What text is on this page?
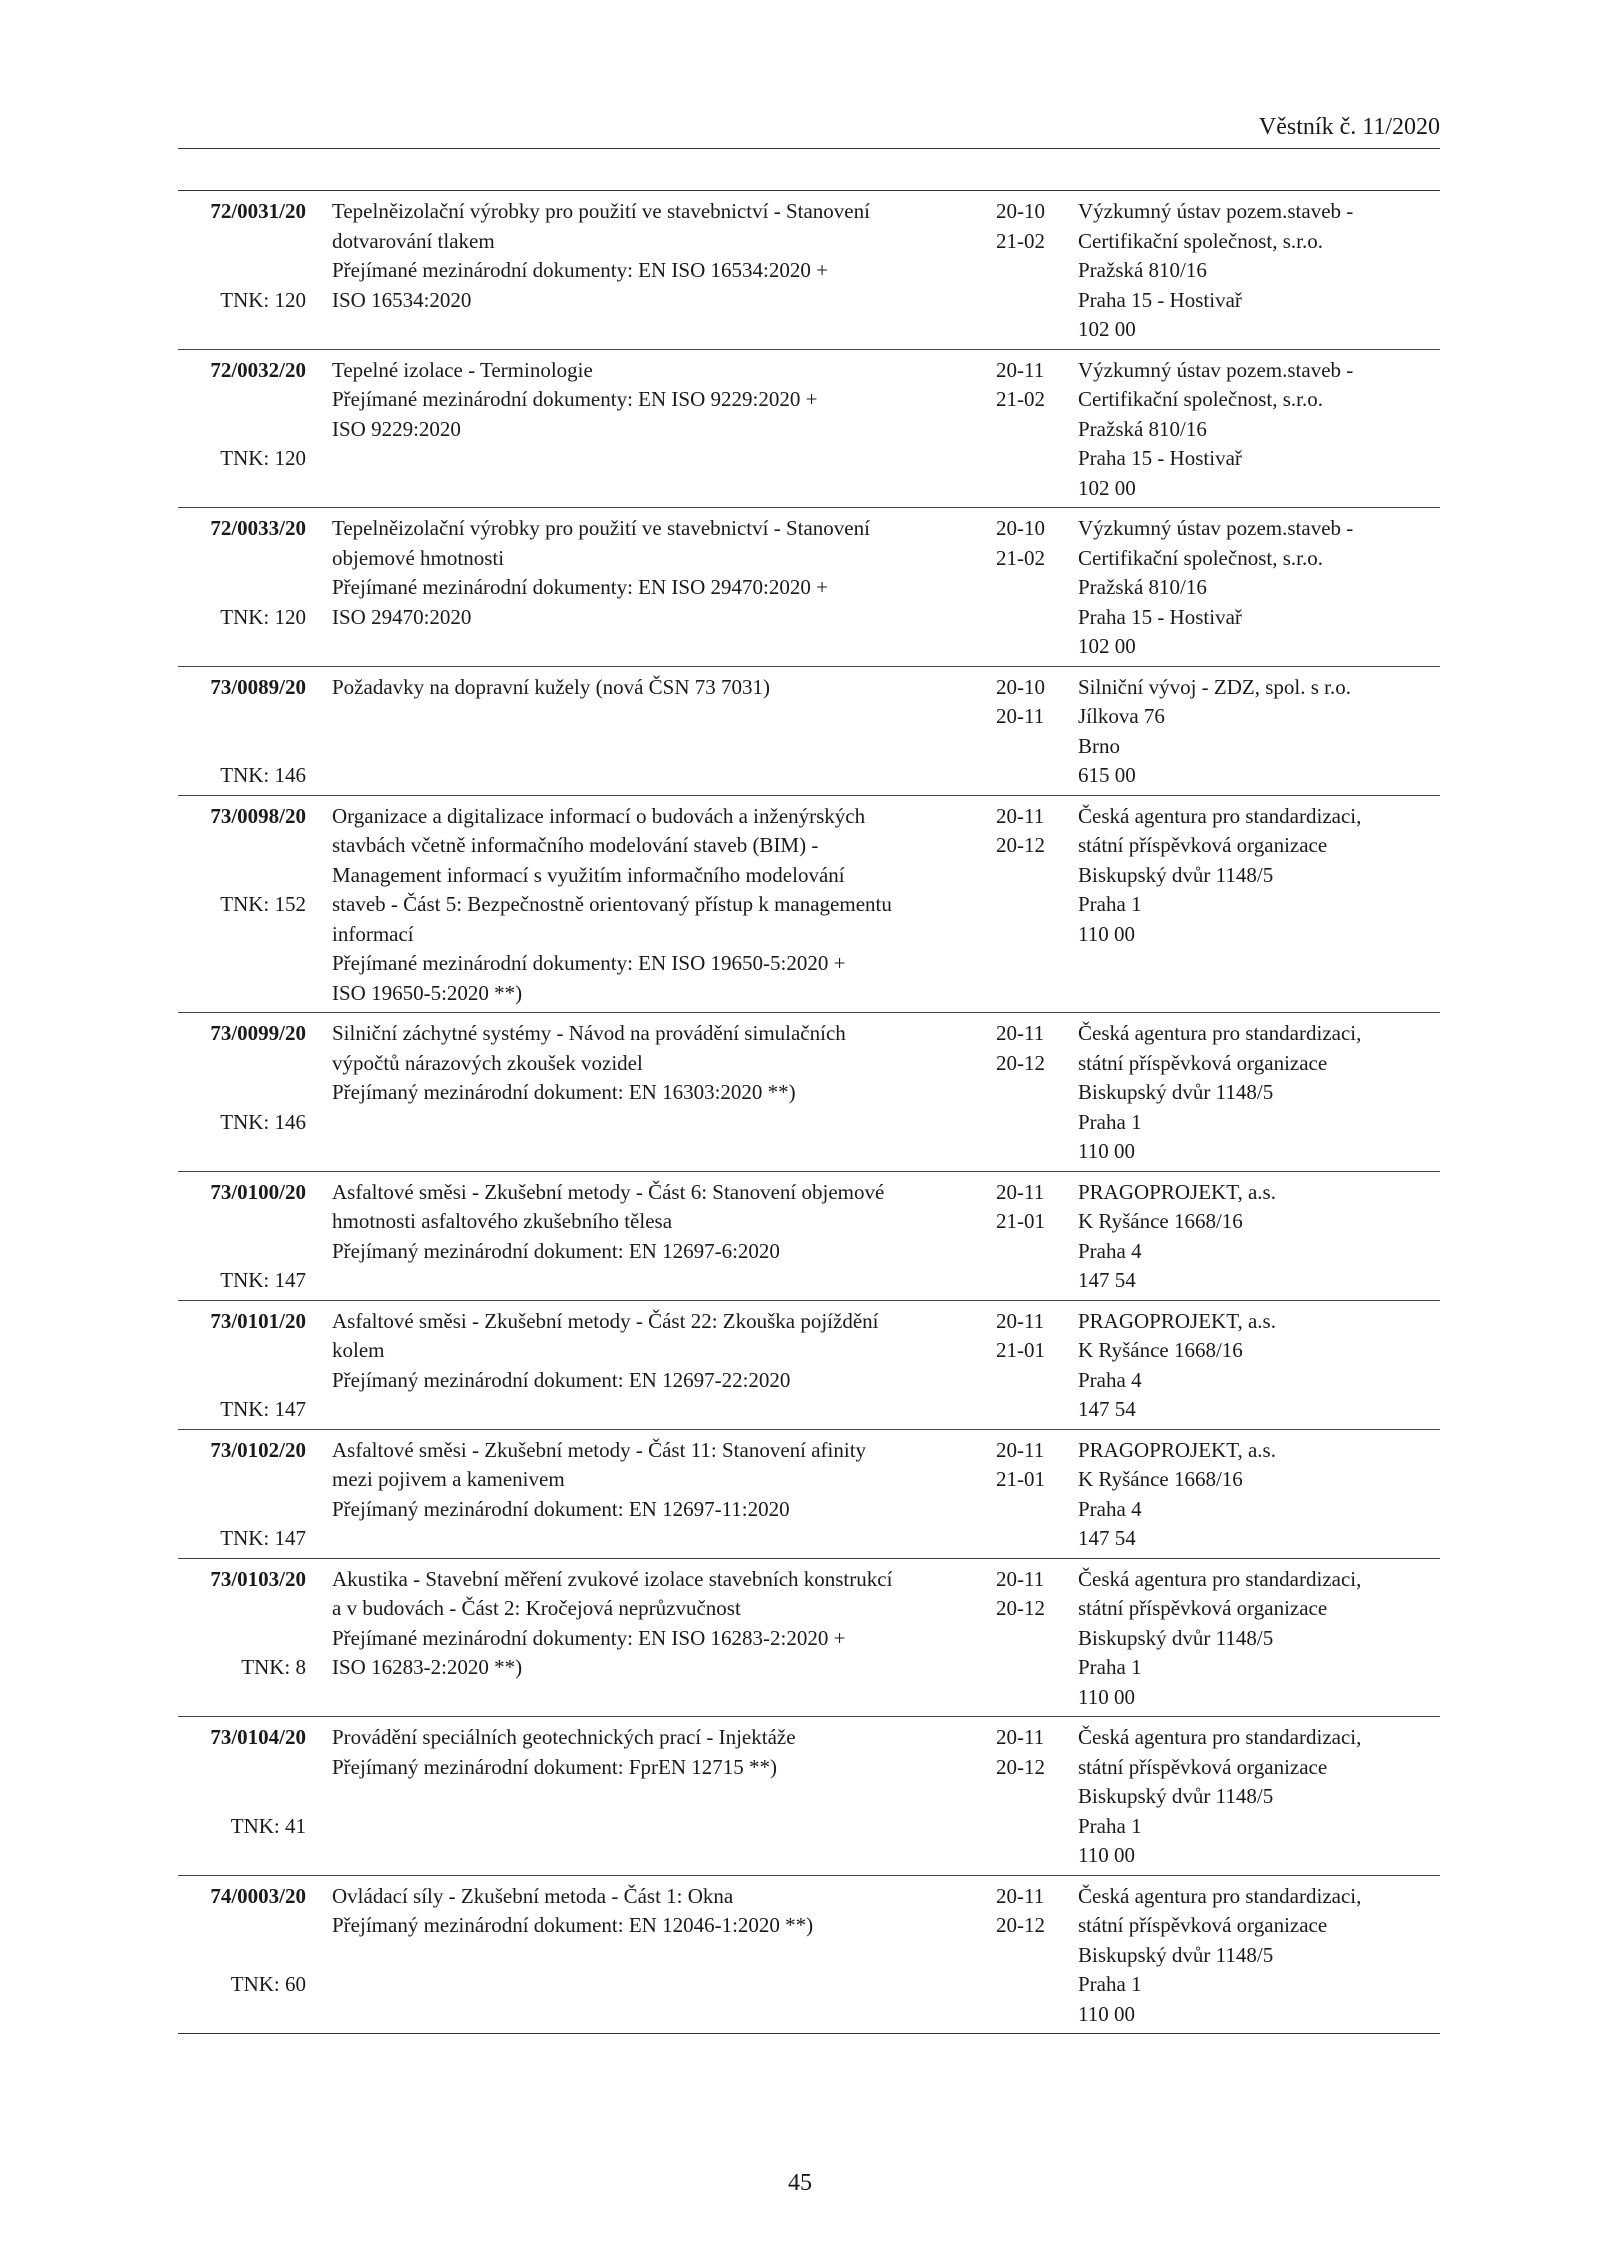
Věstník č. 11/2020
72/0031/20
TNK: 120
Tepelněizolační výrobky pro použití ve stavebnictví - Stanovení
dotvarování tlakem
Přejímané mezinárodní dokumenty: EN ISO 16534:2020 +
ISO 16534:2020
20-10
21-02
Výzkumný ústav pozem.staveb -
Certifikační společnost, s.r.o.
Pražská 810/16
Praha 15 - Hostivař
102 00
72/0032/20
TNK: 120
Tepelné izolace - Terminologie
Přejímané mezinárodní dokumenty: EN ISO 9229:2020 +
ISO 9229:2020
20-11
21-02
Výzkumný ústav pozem.staveb -
Certifikační společnost, s.r.o.
Pražská 810/16
Praha 15 - Hostivař
102 00
72/0033/20
TNK: 120
Tepelněizolační výrobky pro použití ve stavebnictví - Stanovení
objemové hmotnosti
Přejímané mezinárodní dokumenty: EN ISO 29470:2020 +
ISO 29470:2020
20-10
21-02
Výzkumný ústav pozem.staveb -
Certifikační společnost, s.r.o.
Pražská 810/16
Praha 15 - Hostivař
102 00
73/0089/20
TNK: 146
Požadavky na dopravní kužely (nová ČSN 73 7031)	20-10
20-11
Silniční vývoj - ZDZ, spol. s r.o.
Jílkova 76
Brno
615 00
73/0098/20
TNK: 152
Organizace a digitalizace informací o budovách a inženýrských
stavbách včetně informačního modelování staveb (BIM) -
Management informací s využitím informačního modelování
staveb - Část 5: Bezpečnostně orientovaný přístup k managementu
informací
Přejímané mezinárodní dokumenty: EN ISO 19650-5:2020 +
ISO 19650-5:2020 **)
20-11
20-12
Česká agentura pro standardizaci,
státní příspěvková organizace
Biskupský dvůr 1148/5
Praha 1
110 00
73/0099/20
TNK: 146
Silniční záchytné systémy - Návod na provádění simulačních
výpočtů nárazových zkoušek vozidel
Přejímaný mezinárodní dokument: EN 16303:2020 **)
20-11
20-12
Česká agentura pro standardizaci,
státní příspěvková organizace
Biskupský dvůr 1148/5
Praha 1
110 00
73/0100/20
TNK: 147
Asfaltové směsi - Zkušební metody - Část 6: Stanovení objemové
hmotnosti asfaltového zkušebního tělesa
Přejímaný mezinárodní dokument: EN 12697-6:2020
20-11
21-01
PRAGOPROJEKT, a.s.
K Ryšánce 1668/16
Praha 4
147 54
73/0101/20
TNK: 147
Asfaltové směsi - Zkušební metody - Část 22: Zkouška pojíždění
kolem
Přejímaný mezinárodní dokument: EN 12697-22:2020
20-11
21-01
PRAGOPROJEKT, a.s.
K Ryšánce 1668/16
Praha 4
147 54
73/0102/20
TNK: 147
Asfaltové směsi - Zkušební metody - Část 11: Stanovení afinity
mezi pojivem a kamenivem
Přejímaný mezinárodní dokument: EN 12697-11:2020
20-11
21-01
PRAGOPROJEKT, a.s.
K Ryšánce 1668/16
Praha 4
147 54
73/0103/20
TNK: 8
Akustika - Stavební měření zvukové izolace stavebních konstrukcí
a v budovách - Část 2: Kročejová neprůzvučnost
Přejímané mezinárodní dokumenty: EN ISO 16283-2:2020 +
ISO 16283-2:2020 **)
20-11
20-12
Česká agentura pro standardizaci,
státní příspěvková organizace
Biskupský dvůr 1148/5
Praha 1
110 00
73/0104/20
TNK: 41
Provádění speciálních geotechnických prací - Injektáže
Přejímaný mezinárodní dokument: FprEN 12715 **)
20-11
20-12
Česká agentura pro standardizaci,
státní příspěvková organizace
Biskupský dvůr 1148/5
Praha 1
110 00
74/0003/20
TNK: 60
Ovládací síly - Zkušební metoda - Část 1: Okna
Přejímaný mezinárodní dokument: EN 12046-1:2020 **)
20-11
20-12
Česká agentura pro standardizaci,
státní příspěvková organizace
Biskupský dvůr 1148/5
Praha 1
110 00
45
